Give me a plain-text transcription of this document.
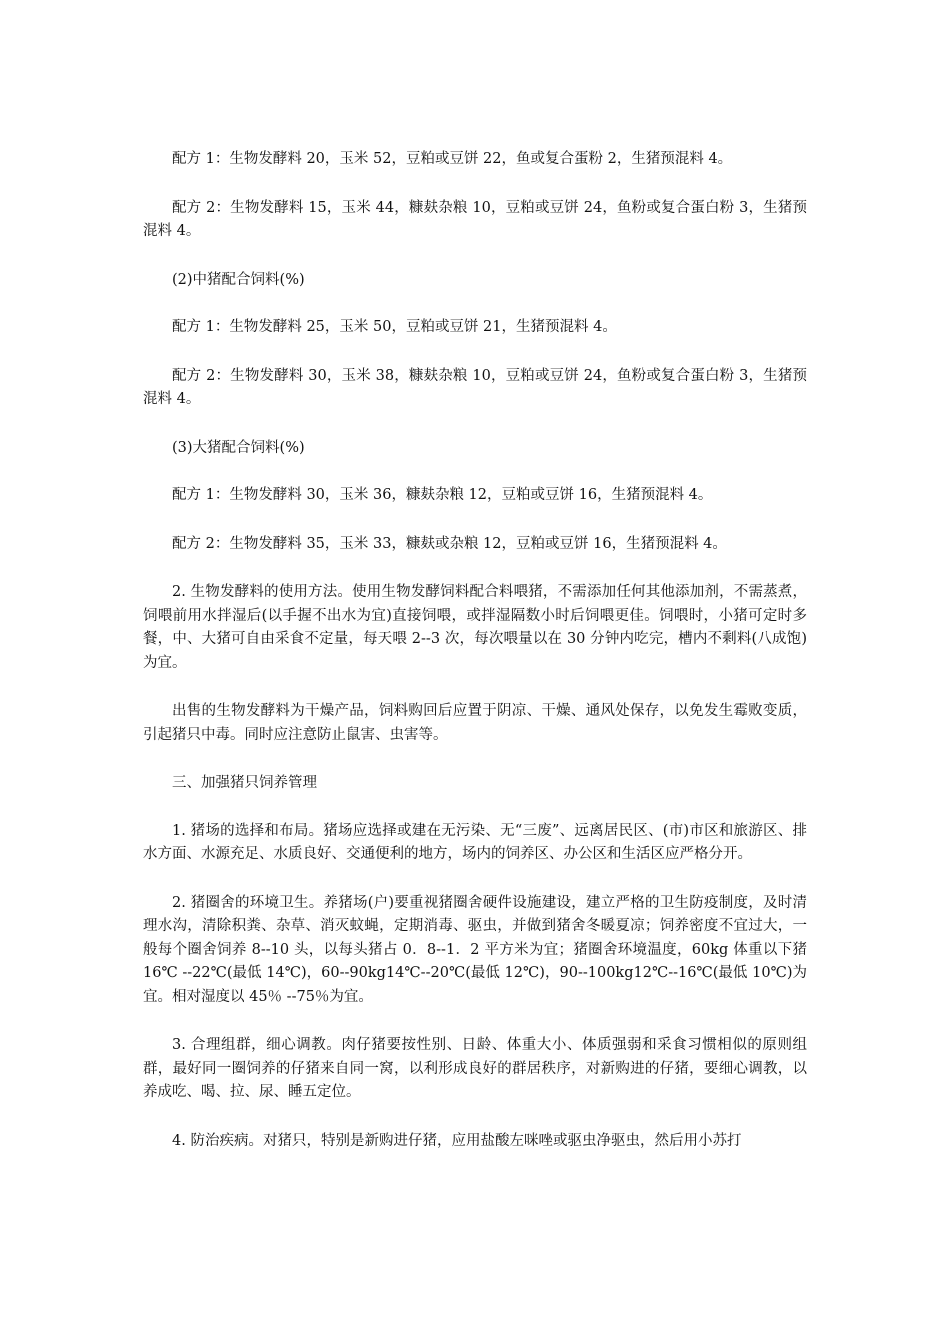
配方 1：生物发酵料 20，玉米 52，豆粕或豆饼 22，鱼或复合蛋粉 2，生猪预混料 4。

配方 2：生物发酵料 15，玉米 44，糠麸杂粮 10，豆粕或豆饼 24，鱼粉或复合蛋白粉 3，生猪预混料 4。

(2)中猪配合饲料(%)

配方 1：生物发酵料 25，玉米 50，豆粕或豆饼 21，生猪预混料 4。

配方 2：生物发酵料 30，玉米 38，糠麸杂粮 10，豆粕或豆饼 24，鱼粉或复合蛋白粉 3，生猪预混料 4。

(3)大猪配合饲料(%)

配方 1：生物发酵料 30，玉米 36，糠麸杂粮 12，豆粕或豆饼 16，生猪预混料 4。

配方 2：生物发酵料 35，玉米 33，糠麸或杂粮 12，豆粕或豆饼 16，生猪预混料 4。

2. 生物发酵料的使用方法。使用生物发酵饲料配合料喂猪，不需添加任何其他添加剂，不需蒸煮，饲喂前用水拌湿后(以手握不出水为宜)直接饲喂，或拌湿隔数小时后饲喂更佳。饲喂时，小猪可定时多餐，中、大猪可自由采食不定量，每天喂 2--3 次，每次喂量以在 30 分钟内吃完，槽内不剩料(八成饱)为宜。

出售的生物发酵料为干燥产品，饲料购回后应置于阴凉、干燥、通风处保存，以免发生霉败变质，引起猪只中毒。同时应注意防止鼠害、虫害等。

三、加强猪只饲养管理

1. 猪场的选择和布局。猪场应选择或建在无污染、无“三废”、远离居民区、(市)市区和旅游区、排水方面、水源充足、水质良好、交通便利的地方，场内的饲养区、办公区和生活区应严格分开。

2. 猪圈舍的环境卫生。养猪场(户)要重视猪圈舍硬件设施建设，建立严格的卫生防疫制度，及时清理水沟，清除积粪、杂草、消灭蚊蝇，定期消毒、驱虫，并做到猪舍冬暖夏凉；饲养密度不宜过大，一般每个圈舍饲养 8--10 头，以每头猪占 0．8--1．2 平方米为宜；猪圈舍环境温度，60kg 体重以下猪 16℃ --22℃(最低 14℃)，60--90kg14℃--20℃(最低 12℃)，90--100kg12℃--16℃(最低 10℃)为宜。相对湿度以 45％ --75％为宜。

3. 合理组群，细心调教。肉仔猪要按性别、日龄、体重大小、体质强弱和采食习惯相似的原则组群，最好同一圈饲养的仔猪来自同一窝，以利形成良好的群居秩序，对新购进的仔猪，要细心调教，以养成吃、喝、拉、尿、睡五定位。

4. 防治疾病。对猪只，特别是新购进仔猪，应用盐酸左咪唑或驱虫净驱虫，然后用小苏打
